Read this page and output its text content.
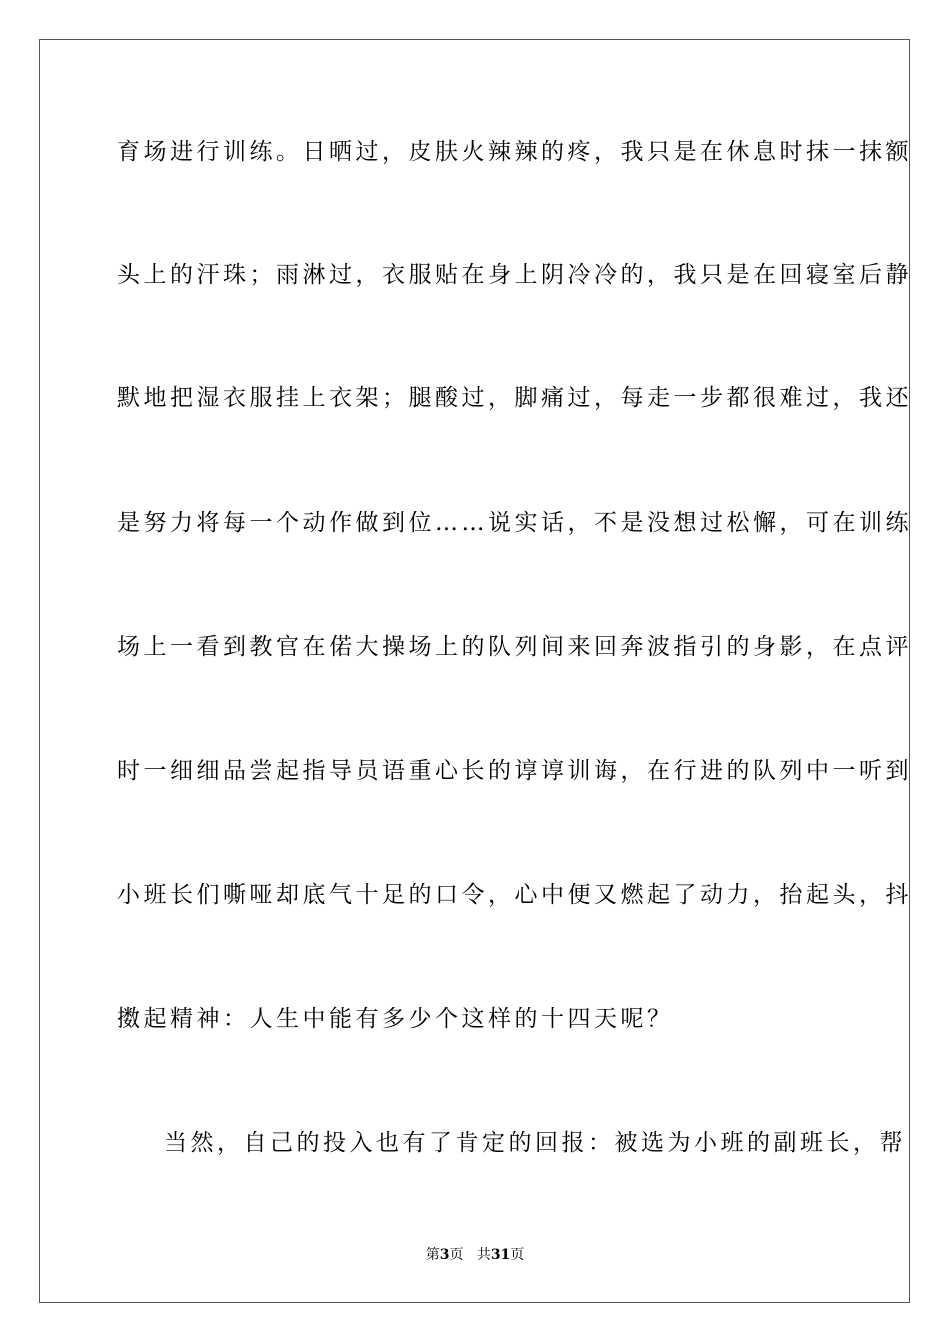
育场进行训练。日晒过，皮肤火辣辣的疼，我只是在休息时抹一抹额
头上的汗珠；雨淋过，衣服贴在身上阴冷冷的，我只是在回寝室后静
默地把湿衣服挂上衣架；腿酸过，脚痛过，每走一步都很难过，我还
是努力将每一个动作做到位……说实话，不是没想过松懈，可在训练
场上一看到教官在偌大操场上的队列间来回奔波指引的身影，在点评
时一细细品尝起指导员语重心长的谆谆训诲，在行进的队列中一听到
小班长们嘶哑却底气十足的口令，心中便又燃起了动力，抬起头，抖
擞起精神：人生中能有多少个这样的十四天呢？
当然，自己的投入也有了肯定的回报：被选为小班的副班长，帮
第3页 共31页
